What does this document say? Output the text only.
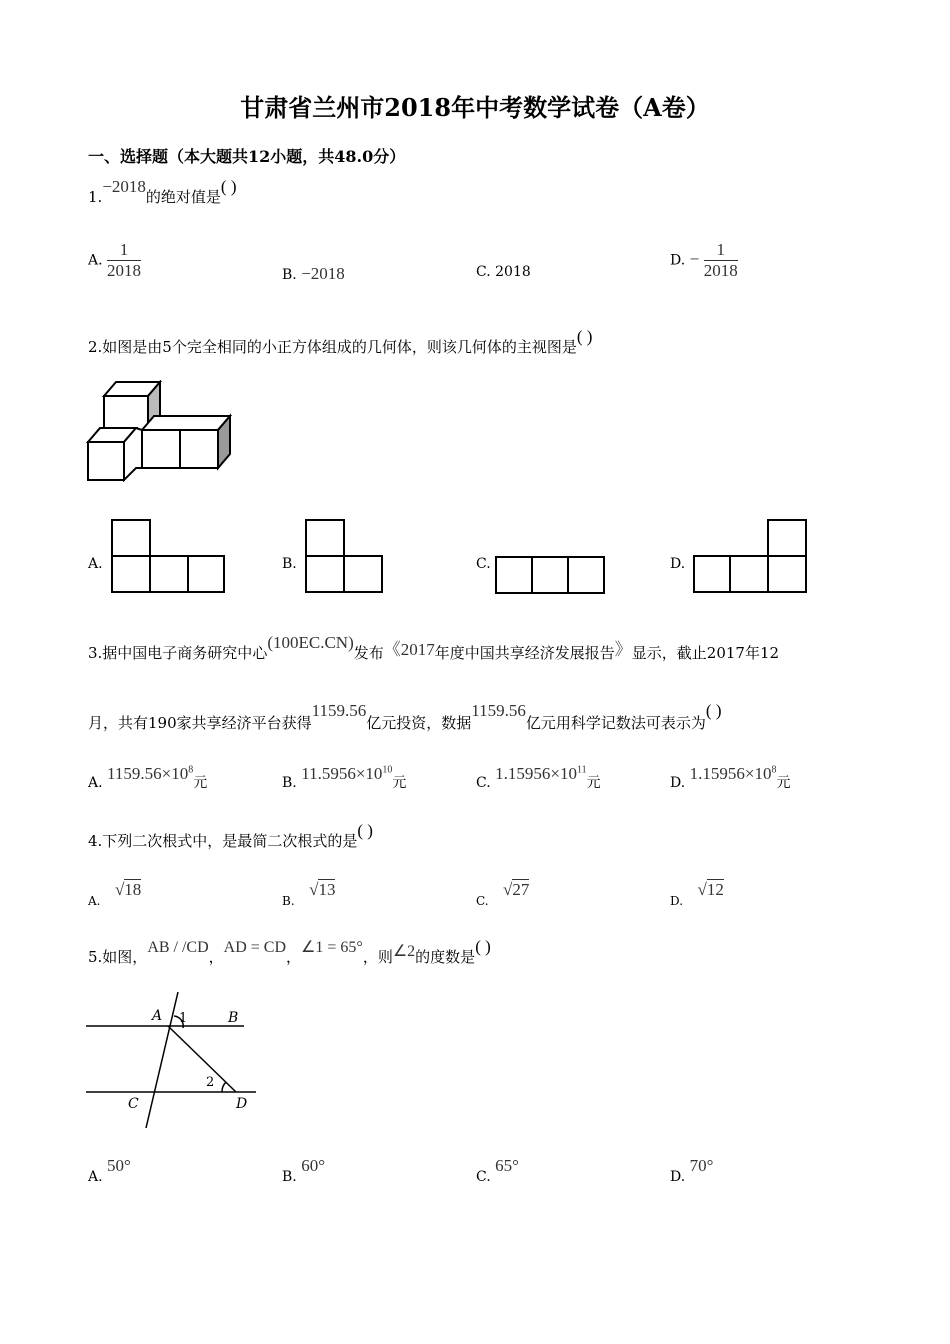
甘肃省兰州市2018年中考数学试卷（A卷）
一、选择题（本大题共12小题，共48.0分）
1.−2018的绝对值是( )
A. $\frac{1}{2018}$	B. −2018	C. 2018
D. − $\frac{1}{2018}$
2.如图是由5个完全相同的小正方体组成的几何体，则该几何体的主视图是( )
A.	B.	C.	D.
3.据中国电子商务研究中心(100EC.CN)发布《2017年度中国共享经济发展报告》显示，截止2017年12
月，共有190家共享经济平台获得1159.56亿元投资，数据1159.56亿元用科学记数法可表示为( )
A. $1159.56\times 10^8$元	B. $11.5956\times 10^{10}$元	C. $1.15956\times 10^{11}$元	D. $1.15956\times 10^8$元
4.下列二次根式中，是最简二次根式的是( )
A. √18
B. √13
C. √27
D. √12
5.如图，AB / /CD，AD = CD，∠1 = 65°，则∠2的度数是( )
A	B
C	D
1
2
A. 50°
B. 60°
C. 65°
D. 70°
